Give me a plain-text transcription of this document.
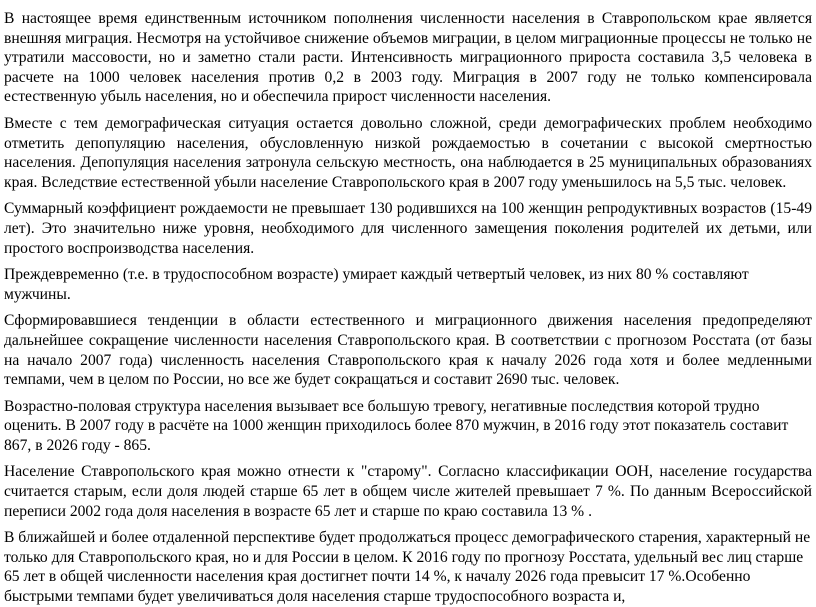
В настоящее время единственным источником пополнения численности населения в Ставропольском крае является внешняя миграция. Несмотря на устойчивое снижение объемов миграции, в целом миграционные процессы не только не утратили массовости, но и заметно стали расти. Интенсивность миграционного прироста составила 3,5 человека в расчете на 1000 человек населения против 0,2 в 2003 году. Миграция в 2007 году не только компенсировала естественную убыль населения, но и обеспечила прирост численности населения.

Вместе с тем демографическая ситуация остается довольно сложной, среди демографических проблем необходимо отметить депопуляцию населения, обусловленную низкой рождаемостью в сочетании с высокой смертностью населения. Депопуляция населения затронула сельскую местность, она наблюдается в 25 муниципальных образованиях края. Вследствие естественной убыли население Ставропольского края в 2007 году уменьшилось на 5,5 тыс. человек.

Суммарный коэффициент рождаемости не превышает 130 родившихся на 100 женщин репродуктивных возрастов (15-49 лет). Это значительно ниже уровня, необходимого для численного замещения поколения родителей их детьми, или простого воспроизводства населения.

Преждевременно (т.е. в трудоспособном возрасте) умирает каждый четвертый человек, из них 80 % составляют мужчины.

Сформировавшиеся тенденции в области естественного и миграционного движения населения предопределяют дальнейшее сокращение численности населения Ставропольского края. В соответствии с прогнозом Росстата (от базы на начало 2007 года) численность населения Ставропольского края к началу 2026 года хотя и более медленными темпами, чем в целом по России, но все же будет сокращаться и составит 2690 тыс. человек.

Возрастно-половая структура населения вызывает все большую тревогу, негативные последствия которой трудно оценить. В 2007 году в расчёте на 1000 женщин приходилось более 870 мужчин, в 2016 году этот показатель составит 867, в 2026 году - 865.

Население Ставропольского края можно отнести к "старому". Согласно классификации ООН, население государства считается старым, если доля людей старше 65 лет в общем числе жителей превышает 7 %. По данным Всероссийской переписи 2002 года доля населения в возрасте 65 лет и старше по краю составила 13 % .

В ближайшей и более отдаленной перспективе будет продолжаться процесс демографического старения, характерный не только для Ставропольского края, но и для России в целом. К 2016 году по прогнозу Росстата, удельный вес лиц старше 65 лет в общей численности населения края достигнет почти 14 %, к началу 2026 года превысит 17 %.Особенно быстрыми темпами будет увеличиваться доля населения старше трудоспособного возраста и,
